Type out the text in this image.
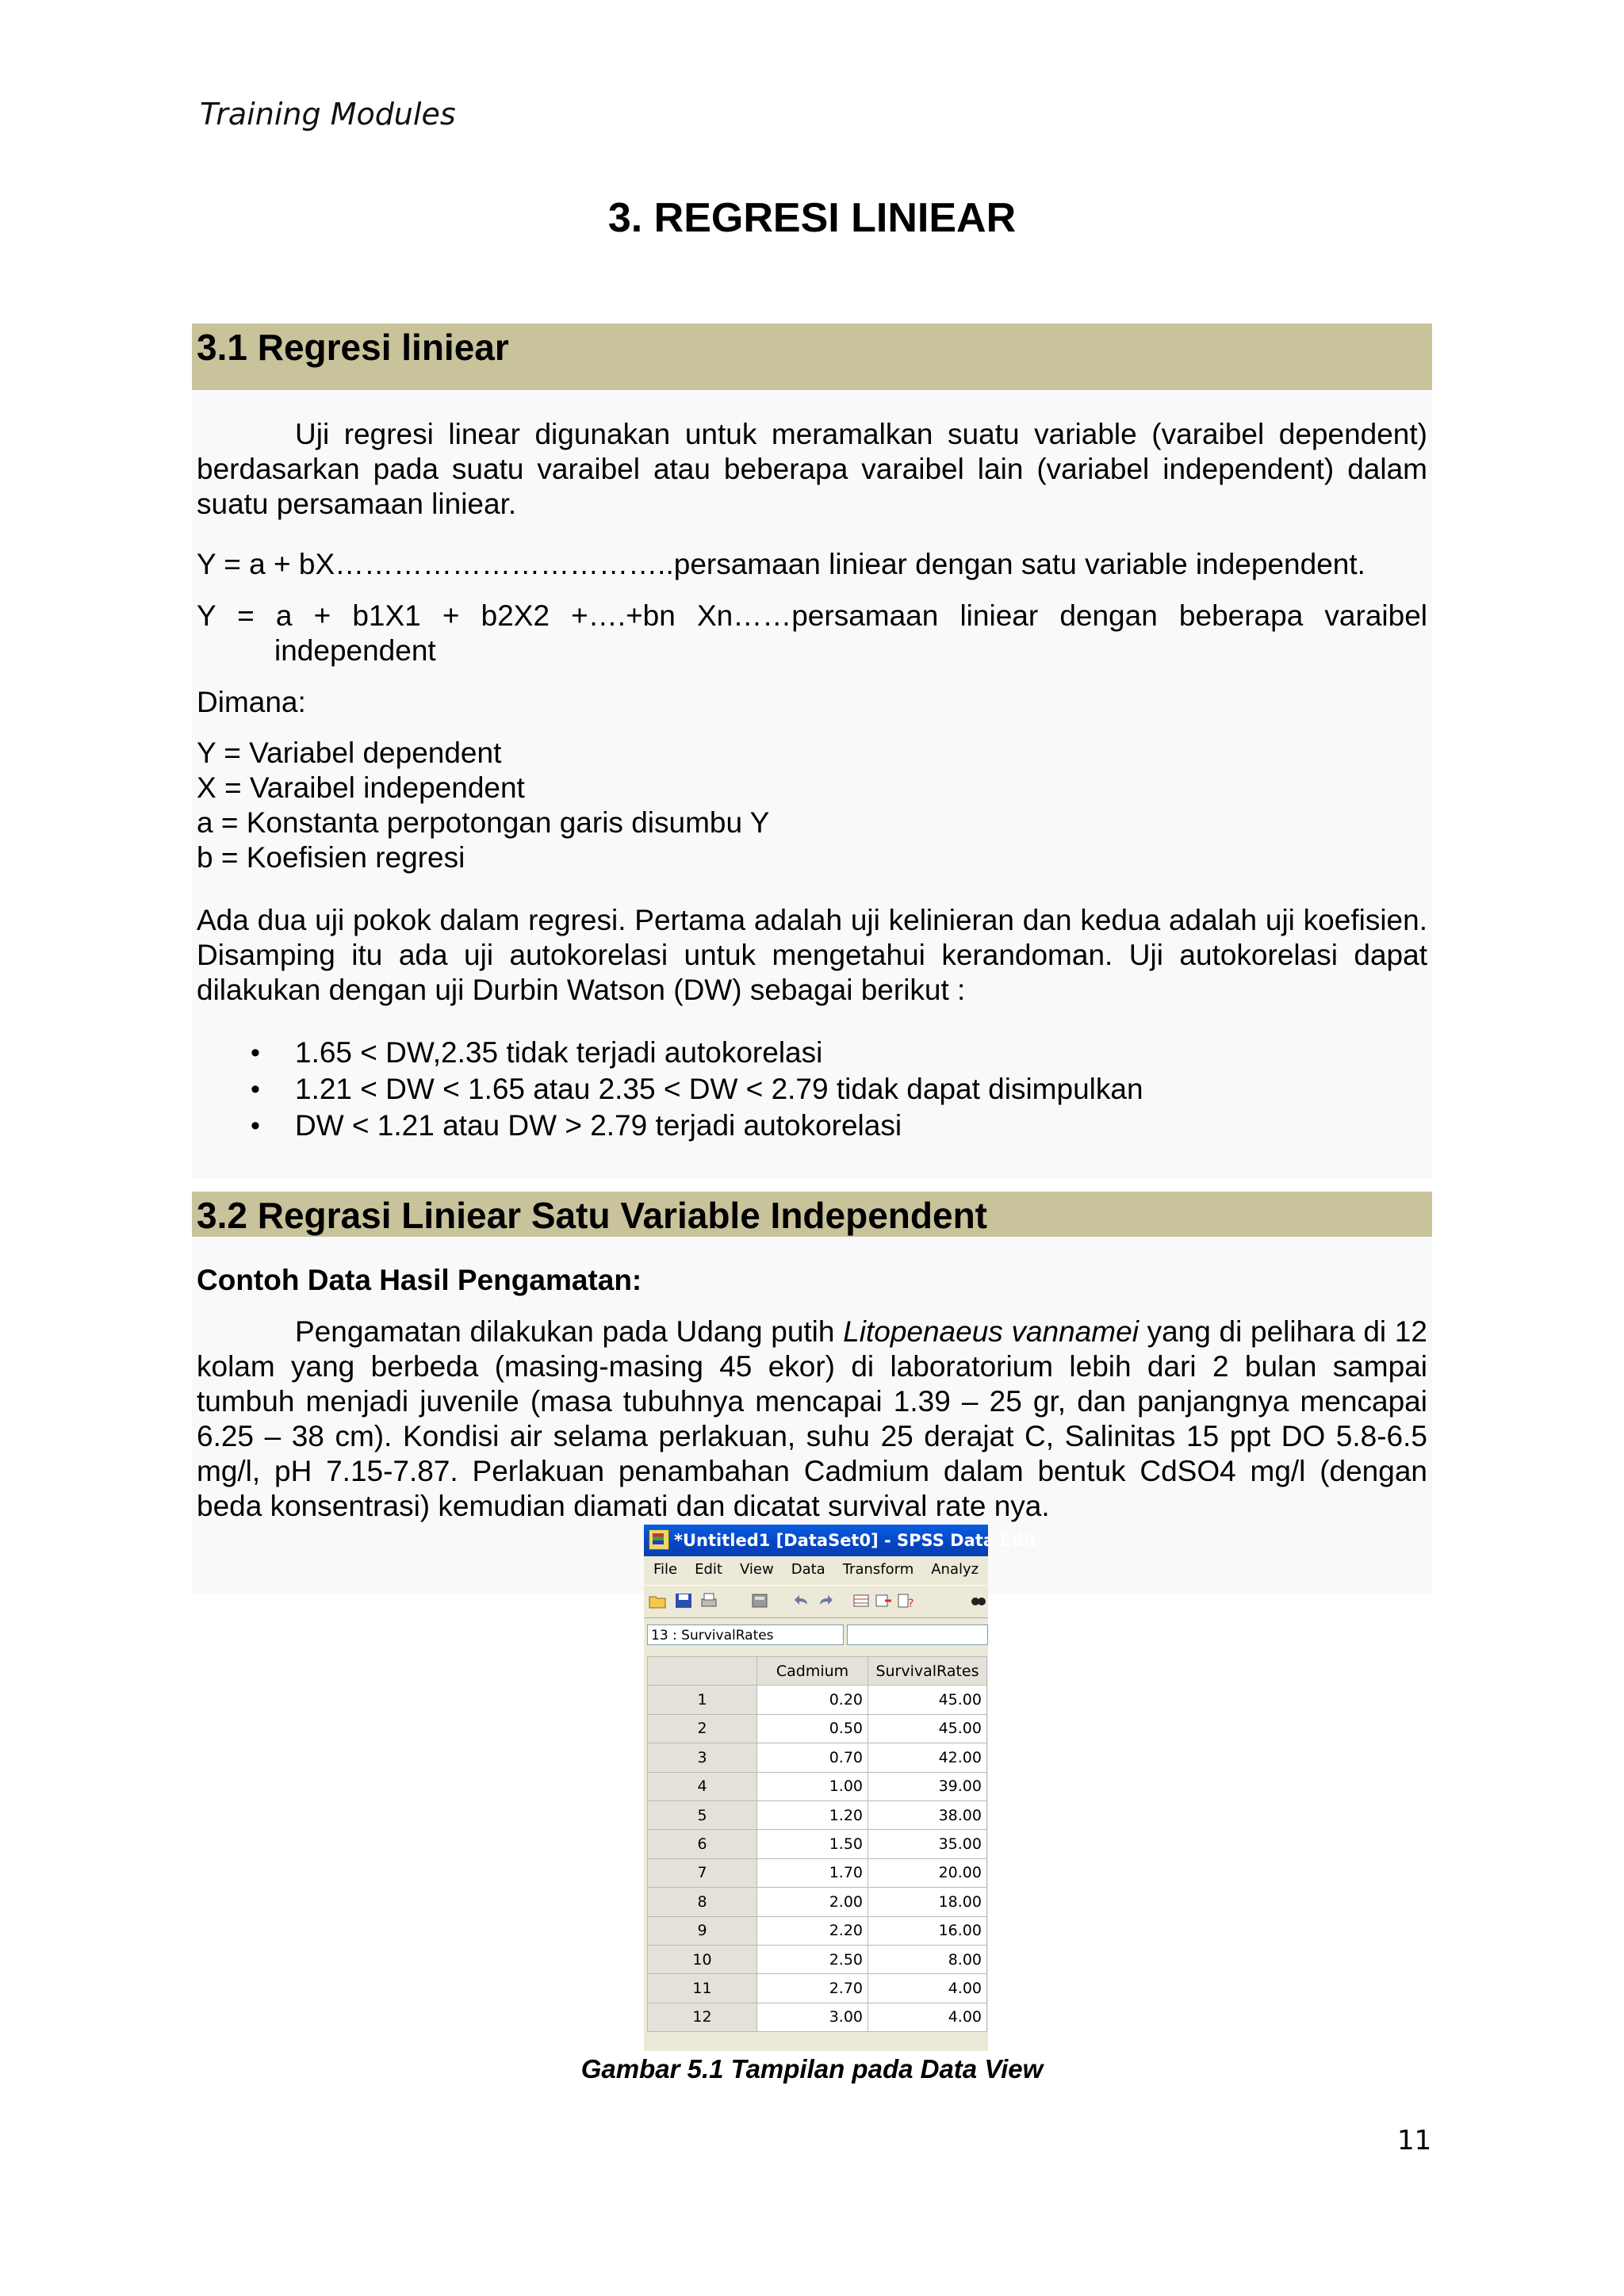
Training Modules
3. REGRESI LINIEAR
3.1 Regresi liniear

Uji regresi linear digunakan untuk meramalkan suatu variable (varaibel dependent) berdasarkan pada suatu varaibel atau beberapa varaibel lain (variabel independent) dalam suatu persamaan liniear.

Y = a + bX……………………………..persamaan liniear dengan satu variable independent.
Y = a + b1X1 + b2X2 +….+bn Xn……persamaan liniear dengan beberapa varaibel
independent
Dimana:
Y = Variabel dependent
X = Varaibel independent
a = Konstanta perpotongan garis disumbu Y
b = Koefisien regresi

Ada dua uji pokok dalam regresi. Pertama adalah uji kelinieran dan kedua adalah uji koefisien. Disamping itu ada uji autokorelasi untuk mengetahui kerandoman. Uji autokorelasi dapat dilakukan dengan uji Durbin Watson (DW) sebagai berikut :

• 1.65 < DW,2.35 tidak terjadi autokorelasi
• 1.21 < DW < 1.65 atau 2.35 < DW < 2.79 tidak dapat disimpulkan
• DW < 1.21 atau DW > 2.79 terjadi autokorelasi
3.2 Regrasi Liniear Satu Variable Independent
Contoh Data Hasil Pengamatan:

Pengamatan dilakukan pada Udang putih Litopenaeus vannamei yang di pelihara di 12 kolam yang berbeda (masing-masing 45 ekor) di laboratorium lebih dari 2 bulan sampai tumbuh menjadi juvenile (masa tubuhnya mencapai 1.39 – 25 gr, dan panjangnya mencapai 6.25 – 38 cm). Kondisi air selama perlakuan, suhu 25 derajat C, Salinitas 15 ppt DO 5.8-6.5 mg/l, pH 7.15-7.87. Perlakuan penambahan Cadmium dalam bentuk CdSO4 mg/l (dengan beda konsentrasi) kemudian diamati dan dicatat survival rate nya.

*Untitled1 [DataSet0] - SPSS Data Edit
File Edit View Data Transform Analyz
?
13 : SurvivalRates
	Cadmium	SurvivalRates
1	0.20	45.00
2	0.50	45.00
3	0.70	42.00
4	1.00	39.00
5	1.20	38.00
6	1.50	35.00
7	1.70	20.00
8	2.00	18.00
9	2.20	16.00
10	2.50	8.00
11	2.70	4.00
12	3.00	4.00
Gambar 5.1 Tampilan pada Data View
11
